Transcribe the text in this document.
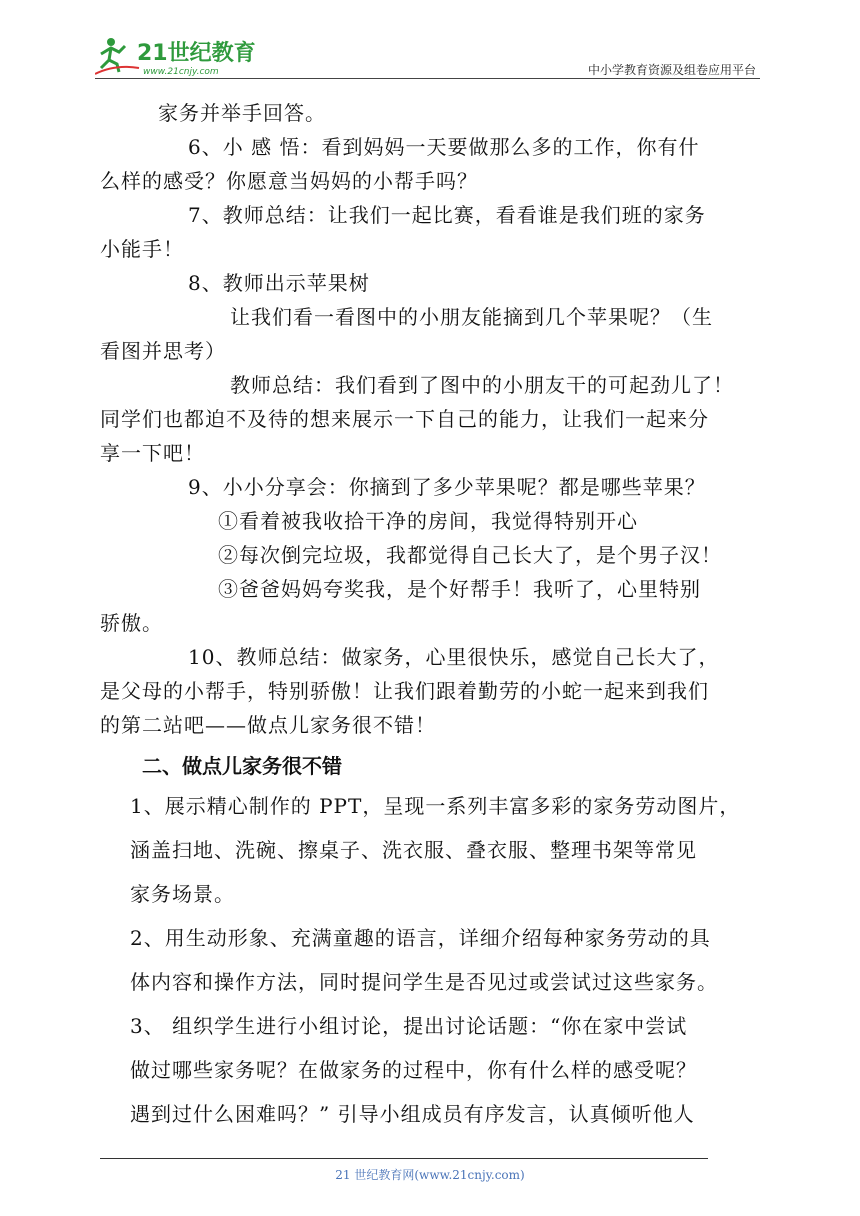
21世纪教育
www.21cnjy.com	中小学教育资源及组卷应用平台
家务并举手回答。
6、小 感 悟：看到妈妈一天要做那么多的工作，你有什
么样的感受？你愿意当妈妈的小帮手吗？
7、教师总结：让我们一起比赛，看看谁是我们班的家务
小能手！
8、教师出示苹果树
让我们看一看图中的小朋友能摘到几个苹果呢？（生
看图并思考）
教师总结：我们看到了图中的小朋友干的可起劲儿了！
同学们也都迫不及待的想来展示一下自己的能力，让我们一起来分
享一下吧！
9、小小分享会：你摘到了多少苹果呢？都是哪些苹果？
①看着被我收拾干净的房间，我觉得特别开心
②每次倒完垃圾，我都觉得自己长大了，是个男子汉！
③爸爸妈妈夸奖我，是个好帮手！我听了，心里特别
骄傲。
10、教师总结：做家务，心里很快乐，感觉自己长大了，
是父母的小帮手，特别骄傲！让我们跟着勤劳的小蛇一起来到我们
的第二站吧——做点儿家务很不错！
二、做点儿家务很不错
1、展示精心制作的 PPT，呈现一系列丰富多彩的家务劳动图片，
涵盖扫地、洗碗、擦桌子、洗衣服、叠衣服、整理书架等常见
家务场景。
2、用生动形象、充满童趣的语言，详细介绍每种家务劳动的具
体内容和操作方法，同时提问学生是否见过或尝试过这些家务。
3、 组织学生进行小组讨论，提出讨论话题：“你在家中尝试
做过哪些家务呢？在做家务的过程中，你有什么样的感受呢？
遇到过什么困难吗？” 引导小组成员有序发言，认真倾听他人
21 世纪教育网(www.21cnjy.com)
